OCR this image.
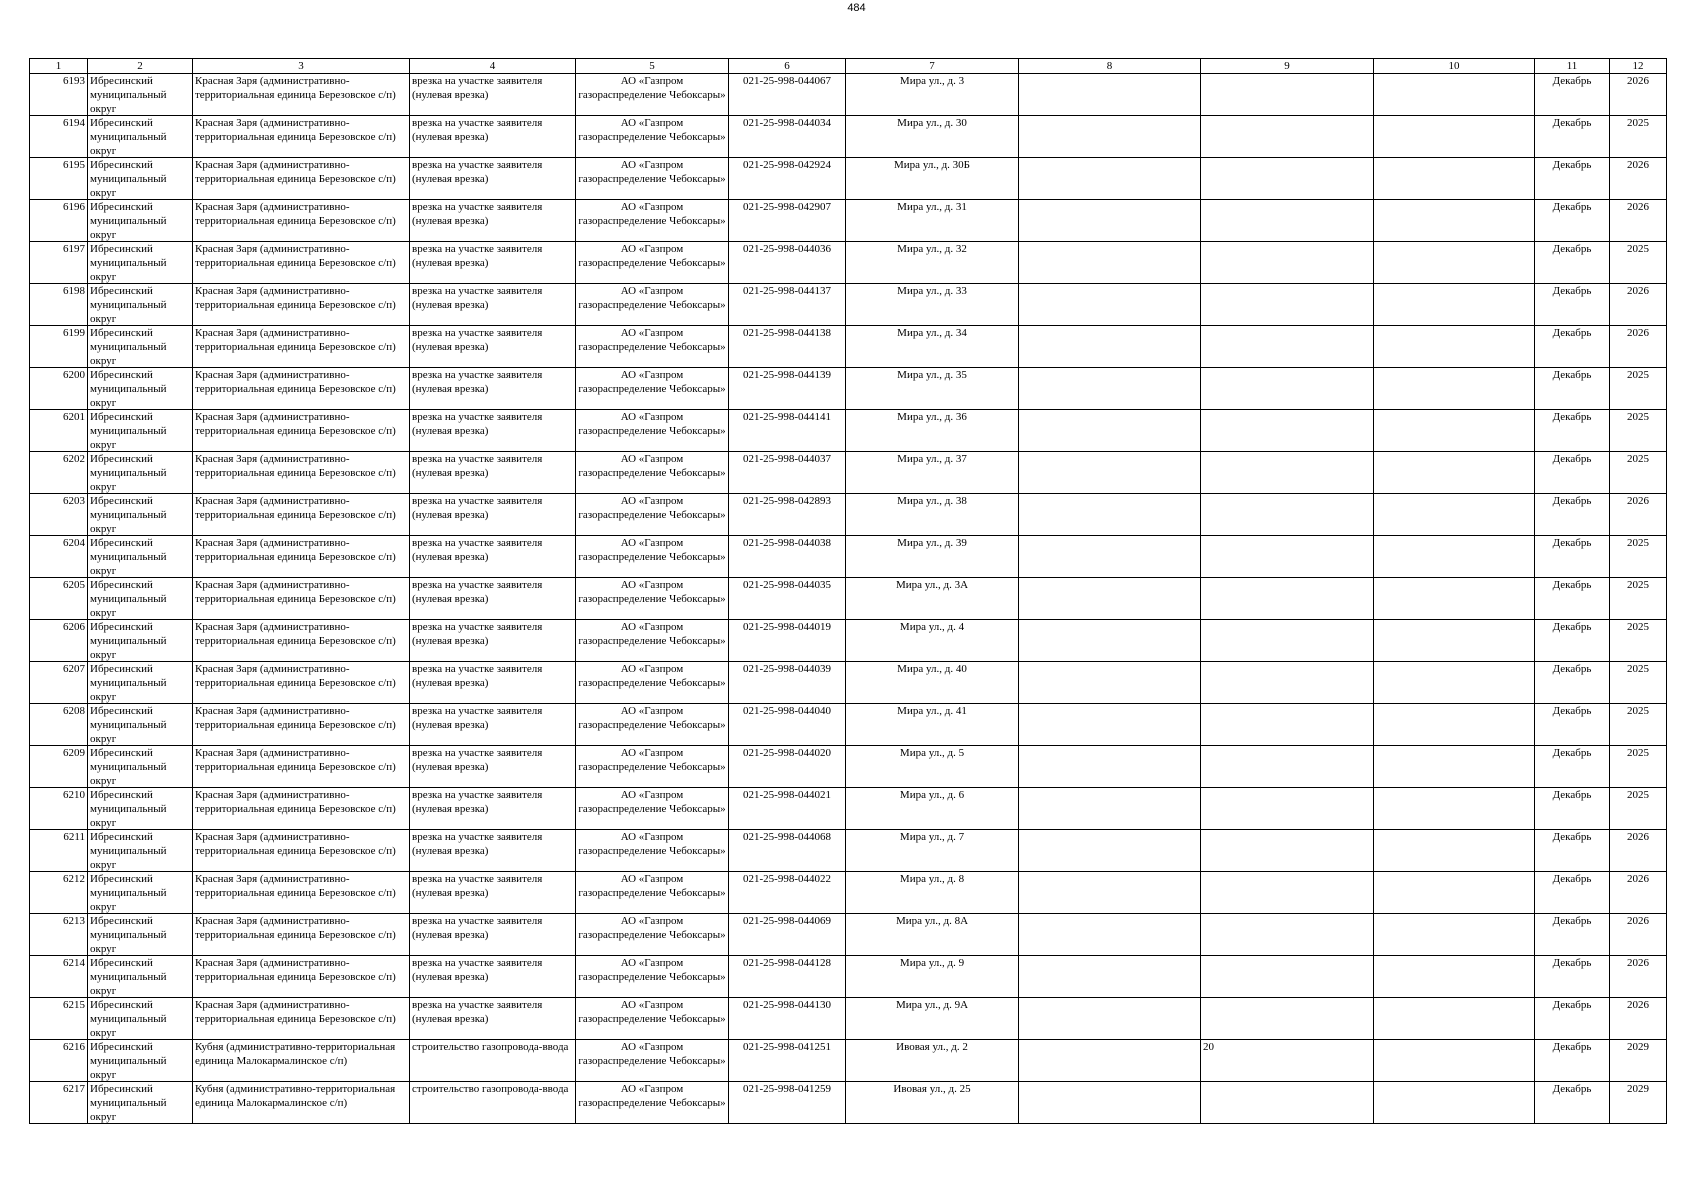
484
1	2	3	4	5	6	7	8	9	10	11	12

6193	Ибресинский муниципальный округ	Красная Заря (административно-территориальная единица Березовское с/п)	врезка на участке заявителя (нулевая врезка)	АО «Газпром газораспределение Чебоксары»	021-25-998-044067	Мира ул., д. 3				Декабрь	2026

6194	Ибресинский муниципальный округ	Красная Заря (административно-территориальная единица Березовское с/п)	врезка на участке заявителя (нулевая врезка)	АО «Газпром газораспределение Чебоксары»	021-25-998-044034	Мира ул., д. 30				Декабрь	2025

6195	Ибресинский муниципальный округ	Красная Заря (административно-территориальная единица Березовское с/п)	врезка на участке заявителя (нулевая врезка)	АО «Газпром газораспределение Чебоксары»	021-25-998-042924	Мира ул., д. 30Б				Декабрь	2026

6196	Ибресинский муниципальный округ	Красная Заря (административно-территориальная единица Березовское с/п)	врезка на участке заявителя (нулевая врезка)	АО «Газпром газораспределение Чебоксары»	021-25-998-042907	Мира ул., д. 31				Декабрь	2026

6197	Ибресинский муниципальный округ	Красная Заря (административно-территориальная единица Березовское с/п)	врезка на участке заявителя (нулевая врезка)	АО «Газпром газораспределение Чебоксары»	021-25-998-044036	Мира ул., д. 32				Декабрь	2025

6198	Ибресинский муниципальный округ	Красная Заря (административно-территориальная единица Березовское с/п)	врезка на участке заявителя (нулевая врезка)	АО «Газпром газораспределение Чебоксары»	021-25-998-044137	Мира ул., д. 33				Декабрь	2026

6199	Ибресинский муниципальный округ	Красная Заря (административно-территориальная единица Березовское с/п)	врезка на участке заявителя (нулевая врезка)	АО «Газпром газораспределение Чебоксары»	021-25-998-044138	Мира ул., д. 34				Декабрь	2026

6200	Ибресинский муниципальный округ	Красная Заря (административно-территориальная единица Березовское с/п)	врезка на участке заявителя (нулевая врезка)	АО «Газпром газораспределение Чебоксары»	021-25-998-044139	Мира ул., д. 35				Декабрь	2025

6201	Ибресинский муниципальный округ	Красная Заря (административно-территориальная единица Березовское с/п)	врезка на участке заявителя (нулевая врезка)	АО «Газпром газораспределение Чебоксары»	021-25-998-044141	Мира ул., д. 36				Декабрь	2025

6202	Ибресинский муниципальный округ	Красная Заря (административно-территориальная единица Березовское с/п)	врезка на участке заявителя (нулевая врезка)	АО «Газпром газораспределение Чебоксары»	021-25-998-044037	Мира ул., д. 37				Декабрь	2025

6203	Ибресинский муниципальный округ	Красная Заря (административно-территориальная единица Березовское с/п)	врезка на участке заявителя (нулевая врезка)	АО «Газпром газораспределение Чебоксары»	021-25-998-042893	Мира ул., д. 38				Декабрь	2026

6204	Ибресинский муниципальный округ	Красная Заря (административно-территориальная единица Березовское с/п)	врезка на участке заявителя (нулевая врезка)	АО «Газпром газораспределение Чебоксары»	021-25-998-044038	Мира ул., д. 39				Декабрь	2025

6205	Ибресинский муниципальный округ	Красная Заря (административно-территориальная единица Березовское с/п)	врезка на участке заявителя (нулевая врезка)	АО «Газпром газораспределение Чебоксары»	021-25-998-044035	Мира ул., д. 3А				Декабрь	2025

6206	Ибресинский муниципальный округ	Красная Заря (административно-территориальная единица Березовское с/п)	врезка на участке заявителя (нулевая врезка)	АО «Газпром газораспределение Чебоксары»	021-25-998-044019	Мира ул., д. 4				Декабрь	2025

6207	Ибресинский муниципальный округ	Красная Заря (административно-территориальная единица Березовское с/п)	врезка на участке заявителя (нулевая врезка)	АО «Газпром газораспределение Чебоксары»	021-25-998-044039	Мира ул., д. 40				Декабрь	2025

6208	Ибресинский муниципальный округ	Красная Заря (административно-территориальная единица Березовское с/п)	врезка на участке заявителя (нулевая врезка)	АО «Газпром газораспределение Чебоксары»	021-25-998-044040	Мира ул., д. 41				Декабрь	2025

6209	Ибресинский муниципальный округ	Красная Заря (административно-территориальная единица Березовское с/п)	врезка на участке заявителя (нулевая врезка)	АО «Газпром газораспределение Чебоксары»	021-25-998-044020	Мира ул., д. 5				Декабрь	2025

6210	Ибресинский муниципальный округ	Красная Заря (административно-территориальная единица Березовское с/п)	врезка на участке заявителя (нулевая врезка)	АО «Газпром газораспределение Чебоксары»	021-25-998-044021	Мира ул., д. 6				Декабрь	2025

6211	Ибресинский муниципальный округ	Красная Заря (административно-территориальная единица Березовское с/п)	врезка на участке заявителя (нулевая врезка)	АО «Газпром газораспределение Чебоксары»	021-25-998-044068	Мира ул., д. 7				Декабрь	2026

6212	Ибресинский муниципальный округ	Красная Заря (административно-территориальная единица Березовское с/п)	врезка на участке заявителя (нулевая врезка)	АО «Газпром газораспределение Чебоксары»	021-25-998-044022	Мира ул., д. 8				Декабрь	2026

6213	Ибресинский муниципальный округ	Красная Заря (административно-территориальная единица Березовское с/п)	врезка на участке заявителя (нулевая врезка)	АО «Газпром газораспределение Чебоксары»	021-25-998-044069	Мира ул., д. 8А				Декабрь	2026

6214	Ибресинский муниципальный округ	Красная Заря (административно-территориальная единица Березовское с/п)	врезка на участке заявителя (нулевая врезка)	АО «Газпром газораспределение Чебоксары»	021-25-998-044128	Мира ул., д. 9				Декабрь	2026

6215	Ибресинский муниципальный округ	Красная Заря (административно-территориальная единица Березовское с/п)	врезка на участке заявителя (нулевая врезка)	АО «Газпром газораспределение Чебоксары»	021-25-998-044130	Мира ул., д. 9А				Декабрь	2026

6216	Ибресинский муниципальный округ	Кубня (административно-территориальная единица Малокармалинское с/п)	строительство газопровода-ввода	АО «Газпром газораспределение Чебоксары»	021-25-998-041251	Ивовая ул., д. 2		20		Декабрь	2029

6217	Ибресинский муниципальный округ	Кубня (административно-территориальная единица Малокармалинское с/п)	строительство газопровода-ввода	АО «Газпром газораспределение Чебоксары»	021-25-998-041259	Ивовая ул., д. 25				Декабрь	2029
